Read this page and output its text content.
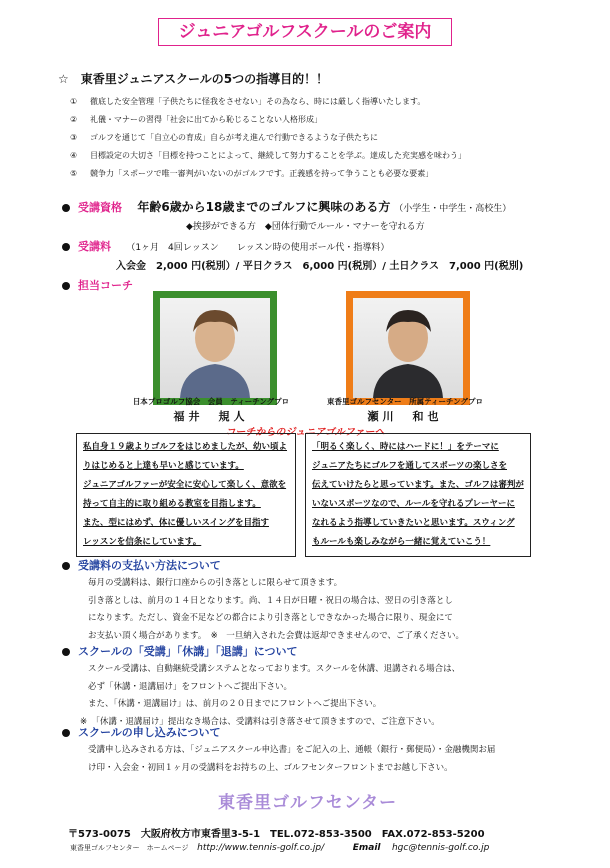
ジュニアゴルフスクールのご案内
☆　東香里ジュニアスクールの5つの指導目的！！
① 徹底した安全管理「子供たちに怪我をさせない」その為なら、時には厳しく指導いたします。
② 礼儀・マナーの習得「社会に出てから恥じることない人格形成」
③ ゴルフを通じて「自立心の育成」自らが考え進んで行動できるような子供たちに
④ 目標設定の大切さ「目標を持つことによって、継続して努力することを学ぶ。達成した充実感を味わう」
⑤ 競争力「スポーツで唯一審判がいないのがゴルフです。正義感を持って争うことも必要な要素」
受講資格 年齢6歳から18歳までのゴルフに興味のある方 （小学生・中学生・高校生）
◆挨拶ができる方　◆団体行動でルール・マナーを守れる方
受講料 （1ヶ月　4回レッスン　　レッスン時の使用ボール代・指導料）
入会金　2,000 円(税別）/ 平日クラス　6,000 円(税別）/ 土日クラス　7,000 円(税別)
担当コーチ
日本プロゴルフ協会　会員　ティーチングプロ
福井　規人
東香里ゴルフセンター　所属ティーチングプロ
瀬川　和也
コーチからのジュニアゴルファーへ
私自身１９歳よりゴルフをはじめましたが、幼い頃よ
りはじめると上達も早いと感じています。
ジュニアゴルファーが安全に安心して楽しく、意欲を
持って自主的に取り組める教室を目指します。
また、型にはめず、体に優しいスイングを目指す
レッスンを信条にしています。
「明るく楽しく、時にはハードに！」をテーマに
ジュニアたちにゴルフを通してスポーツの楽しさを
伝えていけたらと思っています。また、ゴルフは審判が
いないスポーツなので、ルールを守れるプレーヤーに
なれるよう指導していきたいと思います。スウィング
もルールも楽しみながら一緒に覚えていこう！
受講料の支払い方法について
毎月の受講料は、銀行口座からの引き落としに限らせて頂きます。
引き落としは、前月の１４日となります。尚、１４日が日曜・祝日の場合は、翌日の引き落とし
になります。ただし、資金不足などの都合により引き落としできなかった場合に限り、現金にて
お支払い頂く場合があります。　※　一旦納入された会費は返却できませんので、ご了承ください。
スクールの「受講」「休講」「退講」について
スクール受講は、自動継続受講システムとなっております。スクールを休講、退講される場合は、
必ず「休講・退講届け」をフロントへご提出下さい。
また、「休講・退講届け」は、前月の２０日までにフロントへご提出下さい。
※　「休講・退講届け」提出なき場合は、受講料は引き落させて頂きますので、ご注意下さい。
スクールの申し込みについて
受講申し込みされる方は、「ジュニアスクール申込書」をご記入の上、通帳（銀行・郵便局）・金融機関お届
け印・入会金・初回１ヶ月の受講料をお持ちの上、ゴルフセンターフロントまでお越し下さい。
東香里ゴルフセンター
〒573-0075　大阪府枚方市東香里3-5-1　TEL.072-853-3500　FAX.072-853-5200
東香里ゴルフセンター　ホームページ http://www.tennis-golf.co.jp/	Email hgc@tennis-golf.co.jp
